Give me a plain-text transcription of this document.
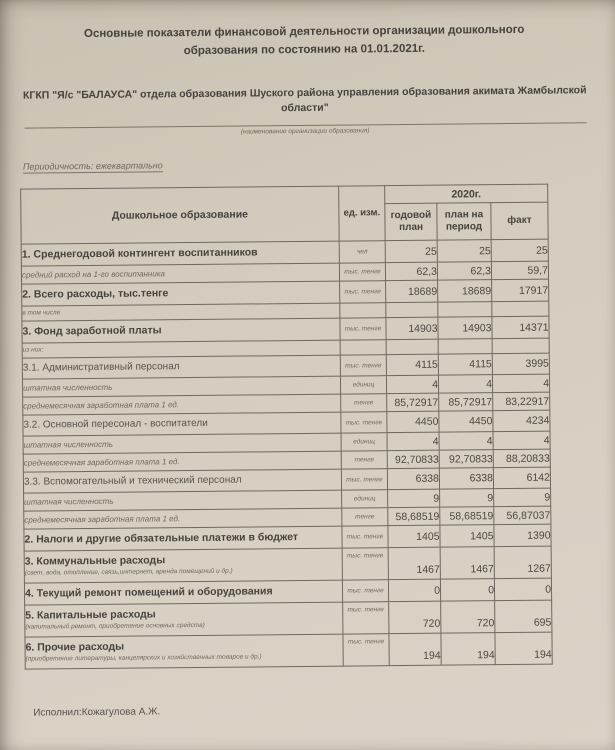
Основные показатели финансовой деятельности организации дошкольного образования по состоянию на 01.01.2021г.
КГКП "Я/с "БАЛАУСА" отдела образования Шуского района управления образования акимата Жамбылской области"
(наименование организации образования)
Периодичность: ежеквартально
Дошкольное образование	ед. изм.	2020г.		
		годовой план	план на период	факт

1. Среднегодовой контингент воспитанников	чел	25	25	25

средний расход на 1-го воспитанника	тыс. тенге	62,3	62,3	59,7

2. Всего расходы, тыс.тенге	тыс. тенге	18689	18689	17917

в том числе				

3. Фонд заработной платы	тыс. тенге	14903	14903	14371

из них:				

3.1. Административный персонал	тыс. тенге	4115	4115	3995

штатная численность	единиц	4	4	4

среднемесячная заработная плата 1 ед.	тенге	85,72917	85,72917	83,22917

3.2. Основной пересонал - воспитатели	тыс. тенге	4450	4450	4234

штатная численность	единиц	4	4	4

среднемесячная заработная плата 1 ед.	тенге	92,70833	92,70833	88,20833

3.3. Вспомогательный и технический персонал	тыс. тенге	6338	6338	6142

штатная численность	единиц	9	9	9

среднемесячная заработная плата 1 ед.	тенге	58,68519	58,68519	56,87037

2. Налоги и другие обязательные платежи в бюджет	тыс. тенге	1405	1405	1390

3. Коммунальные расходы
(свет, вода, отопление, связь,интернет, аренда помещений и др.)	тыс. тенге	1467	1467	1267

4. Текущий ремонт помещений и оборудования	тыс. тенге	0	0	0

5. Капитальные расходы
(капитальный ремонт, приобретение основных средств)	тыс. тенге	720	720	695

6. Прочие расходы
(приобретение литературы, канцелярских и хозяйственных товаров и др.)	тыс. тенге	194	194	194
Исполнил:Кожагулова А.Ж.
